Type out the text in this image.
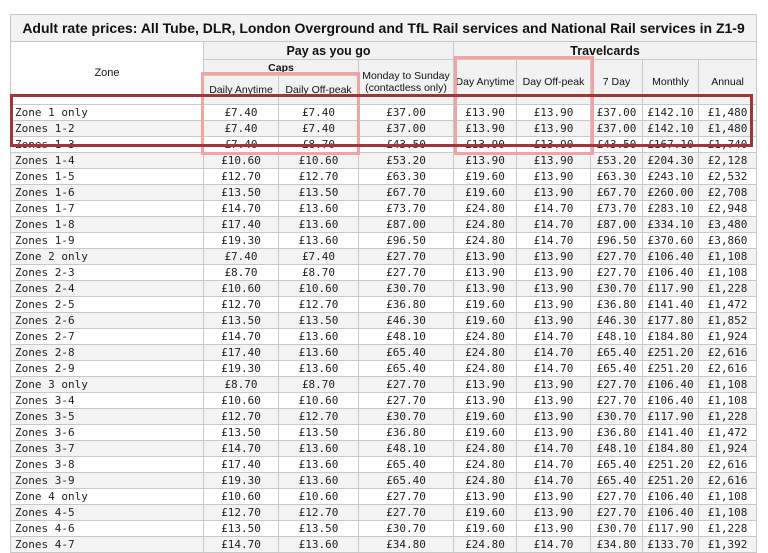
Adult rate prices: All Tube, DLR, London Overground and TfL Rail services and National Rail services in Z1-9								
Zone	Pay as you go			Travelcards				
	Caps		Monday to Sunday (contactless only)	Day Anytime	Day Off-peak	7 Day	Monthly	Annual
	Daily Anytime	Daily Off-peak						
Zone 1 only	£7.40	£7.40	£37.00	£13.90	£13.90	£37.00	£142.10	£1,480
Zones 1-2	£7.40	£7.40	£37.00	£13.90	£13.90	£37.00	£142.10	£1,480
Zones 1-3	£7.40	£8.70	£43.50	£13.90	£13.90	£43.50	£167.10	£1,740
Zones 1-4	£10.60	£10.60	£53.20	£13.90	£13.90	£53.20	£204.30	£2,128
Zones 1-5	£12.70	£12.70	£63.30	£19.60	£13.90	£63.30	£243.10	£2,532
Zones 1-6	£13.50	£13.50	£67.70	£19.60	£13.90	£67.70	£260.00	£2,708
Zones 1-7	£14.70	£13.60	£73.70	£24.80	£14.70	£73.70	£283.10	£2,948
Zones 1-8	£17.40	£13.60	£87.00	£24.80	£14.70	£87.00	£334.10	£3,480
Zones 1-9	£19.30	£13.60	£96.50	£24.80	£14.70	£96.50	£370.60	£3,860
Zone 2 only	£7.40	£7.40	£27.70	£13.90	£13.90	£27.70	£106.40	£1,108
Zones 2-3	£8.70	£8.70	£27.70	£13.90	£13.90	£27.70	£106.40	£1,108
Zones 2-4	£10.60	£10.60	£30.70	£13.90	£13.90	£30.70	£117.90	£1,228
Zones 2-5	£12.70	£12.70	£36.80	£19.60	£13.90	£36.80	£141.40	£1,472
Zones 2-6	£13.50	£13.50	£46.30	£19.60	£13.90	£46.30	£177.80	£1,852
Zones 2-7	£14.70	£13.60	£48.10	£24.80	£14.70	£48.10	£184.80	£1,924
Zones 2-8	£17.40	£13.60	£65.40	£24.80	£14.70	£65.40	£251.20	£2,616
Zones 2-9	£19.30	£13.60	£65.40	£24.80	£14.70	£65.40	£251.20	£2,616
Zone 3 only	£8.70	£8.70	£27.70	£13.90	£13.90	£27.70	£106.40	£1,108
Zones 3-4	£10.60	£10.60	£27.70	£13.90	£13.90	£27.70	£106.40	£1,108
Zones 3-5	£12.70	£12.70	£30.70	£19.60	£13.90	£30.70	£117.90	£1,228
Zones 3-6	£13.50	£13.50	£36.80	£19.60	£13.90	£36.80	£141.40	£1,472
Zones 3-7	£14.70	£13.60	£48.10	£24.80	£14.70	£48.10	£184.80	£1,924
Zones 3-8	£17.40	£13.60	£65.40	£24.80	£14.70	£65.40	£251.20	£2,616
Zones 3-9	£19.30	£13.60	£65.40	£24.80	£14.70	£65.40	£251.20	£2,616
Zone 4 only	£10.60	£10.60	£27.70	£13.90	£13.90	£27.70	£106.40	£1,108
Zones 4-5	£12.70	£12.70	£27.70	£19.60	£13.90	£27.70	£106.40	£1,108
Zones 4-6	£13.50	£13.50	£30.70	£19.60	£13.90	£30.70	£117.90	£1,228
Zones 4-7	£14.70	£13.60	£34.80	£24.80	£14.70	£34.80	£133.70	£1,392
